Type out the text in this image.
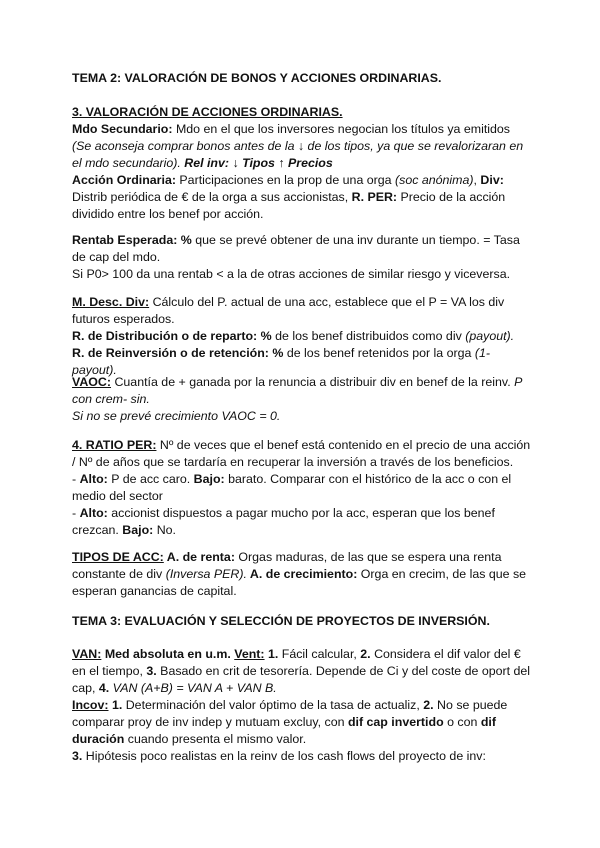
TEMA 2: VALORACIÓN DE BONOS Y ACCIONES ORDINARIAS.

3. VALORACIÓN DE ACCIONES ORDINARIAS.

Mdo Secundario: Mdo en el que los inversores negocian los títulos ya emitidos (Se aconseja comprar bonos antes de la ↓ de los tipos, ya que se revalorizaran en el mdo secundario). Rel inv: ↓ Tipos ↑ Precios

Acción Ordinaria: Participaciones en la prop de una orga (soc anónima), Div: Distrib periódica de € de la orga a sus accionistas, R. PER: Precio de la acción dividido entre los benef por acción.

Rentab Esperada: % que se prevé obtener de una inv durante un tiempo. = Tasa de cap del mdo.

Si P0> 100 da una rentab < a la de otras acciones de similar riesgo y viceversa.

M. Desc. Div: Cálculo del P. actual de una acc, establece que el P = VA los div futuros esperados.

R. de Distribución o de reparto: % de los benef distribuidos como div (payout).

R. de Reinversión o de retención: % de los benef retenidos por la orga (1-payout).

VAOC: Cuantía de + ganada por la renuncia a distribuir div en benef de la reinv. P con crem- sin.

Si no se prevé crecimiento VAOC = 0.

4. RATIO PER: Nº de veces que el benef está contenido en el precio de una acción / Nº de años que se tardaría en recuperar la inversión a través de los beneficios.

- Alto: P de acc caro. Bajo: barato. Comparar con el histórico de la acc o con el medio del sector

- Alto: accionist dispuestos a pagar mucho por la acc, esperan que los benef crezcan. Bajo: No.

TIPOS DE ACC: A. de renta: Orgas maduras, de las que se espera una renta constante de div (Inversa PER). A. de crecimiento: Orga en crecim, de las que se esperan ganancias de capital.

TEMA 3: EVALUACIÓN Y SELECCIÓN DE PROYECTOS DE INVERSIÓN.

VAN: Med absoluta en u.m. Vent: 1. Fácil calcular, 2. Considera el dif valor del € en el tiempo, 3. Basado en crit de tesorería. Depende de Ci y del coste de oport del cap, 4. VAN (A+B) = VAN A + VAN B.

Incov: 1. Determinación del valor óptimo de la tasa de actualiz, 2. No se puede comparar proy de inv indep y mutuam excluy, con dif cap invertido o con dif duración cuando presenta el mismo valor.

3. Hipótesis poco realistas en la reinv de los cash flows del proyecto de inv:
